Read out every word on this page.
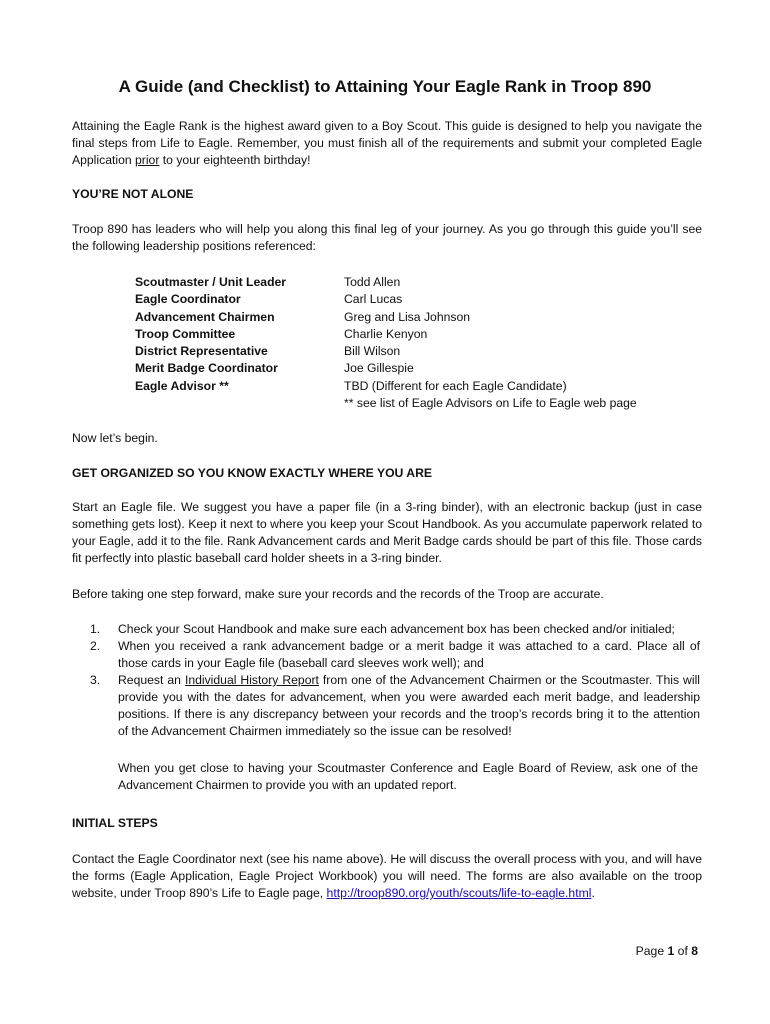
A Guide (and Checklist) to Attaining Your Eagle Rank in Troop 890

Attaining the Eagle Rank is the highest award given to a Boy Scout. This guide is designed to help you navigate the final steps from Life to Eagle. Remember, you must finish all of the requirements and submit your completed Eagle Application prior to your eighteenth birthday!

YOU’RE NOT ALONE

Troop 890 has leaders who will help you along this final leg of your journey. As you go through this guide you’ll see the following leadership positions referenced:

Scoutmaster / Unit Leader	Todd Allen
Eagle Coordinator	Carl Lucas
Advancement Chairmen	Greg and Lisa Johnson
Troop Committee	Charlie Kenyon
District Representative	Bill Wilson
Merit Badge Coordinator	Joe Gillespie
Eagle Advisor **	TBD (Different for each Eagle Candidate)
** see list of Eagle Advisors on Life to Eagle web page
Now let’s begin.
GET ORGANIZED SO YOU KNOW EXACTLY WHERE YOU ARE

Start an Eagle file. We suggest you have a paper file (in a 3-ring binder), with an electronic backup (just in case something gets lost). Keep it next to where you keep your Scout Handbook. As you accumulate paperwork related to your Eagle, add it to the file. Rank Advancement cards and Merit Badge cards should be part of this file. Those cards fit perfectly into plastic baseball card holder sheets in a 3-ring binder.

Before taking one step forward, make sure your records and the records of the Troop are accurate.
1.	Check your Scout Handbook and make sure each advancement box has been checked and/or initialed;
2.	When you received a rank advancement badge or a merit badge it was attached to a card. Place all of those cards in your Eagle file (baseball card sleeves work well); and
3.	Request an Individual History Report from one of the Advancement Chairmen or the Scoutmaster. This will provide you with the dates for advancement, when you were awarded each merit badge, and leadership positions. If there is any discrepancy between your records and the troop’s records bring it to the attention of the Advancement Chairmen immediately so the issue can be resolved!

When you get close to having your Scoutmaster Conference and Eagle Board of Review, ask one of the Advancement Chairmen to provide you with an updated report.

INITIAL STEPS

Contact the Eagle Coordinator next (see his name above). He will discuss the overall process with you, and will have the forms (Eagle Application, Eagle Project Workbook) you will need. The forms are also available on the troop website, under Troop 890’s Life to Eagle page, http://troop890.org/youth/scouts/life-to-eagle.html.

Page 1 of 8
